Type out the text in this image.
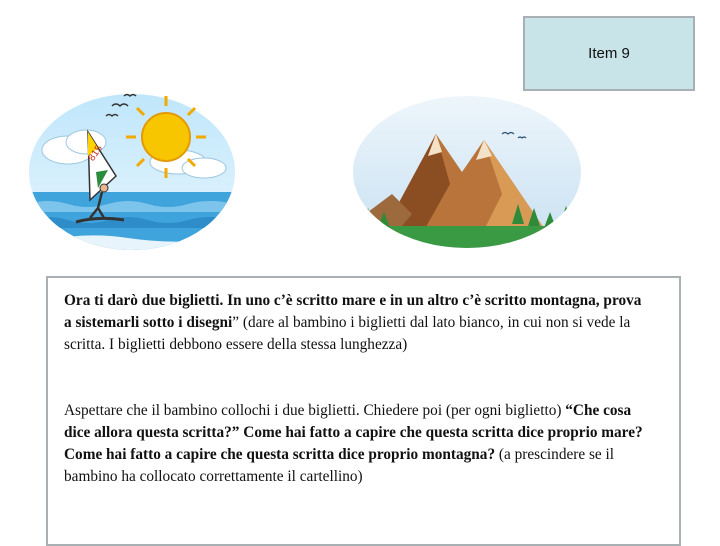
Item 9
815

Ora ti darò due biglietti. In uno c’è scritto mare e in un altro c’è scritto montagna, prova a sistemarli sotto i disegni” (dare al bambino i biglietti dal lato bianco, in cui non si vede la scritta. I biglietti debbono essere della stessa lunghezza)

Aspettare che il bambino collochi i due biglietti. Chiedere poi (per ogni biglietto) “Che cosa dice allora questa scritta?” Come hai fatto a capire che questa scritta dice proprio mare? Come hai fatto a capire che questa scritta dice proprio montagna? (a prescindere se il bambino ha collocato correttamente il cartellino)
